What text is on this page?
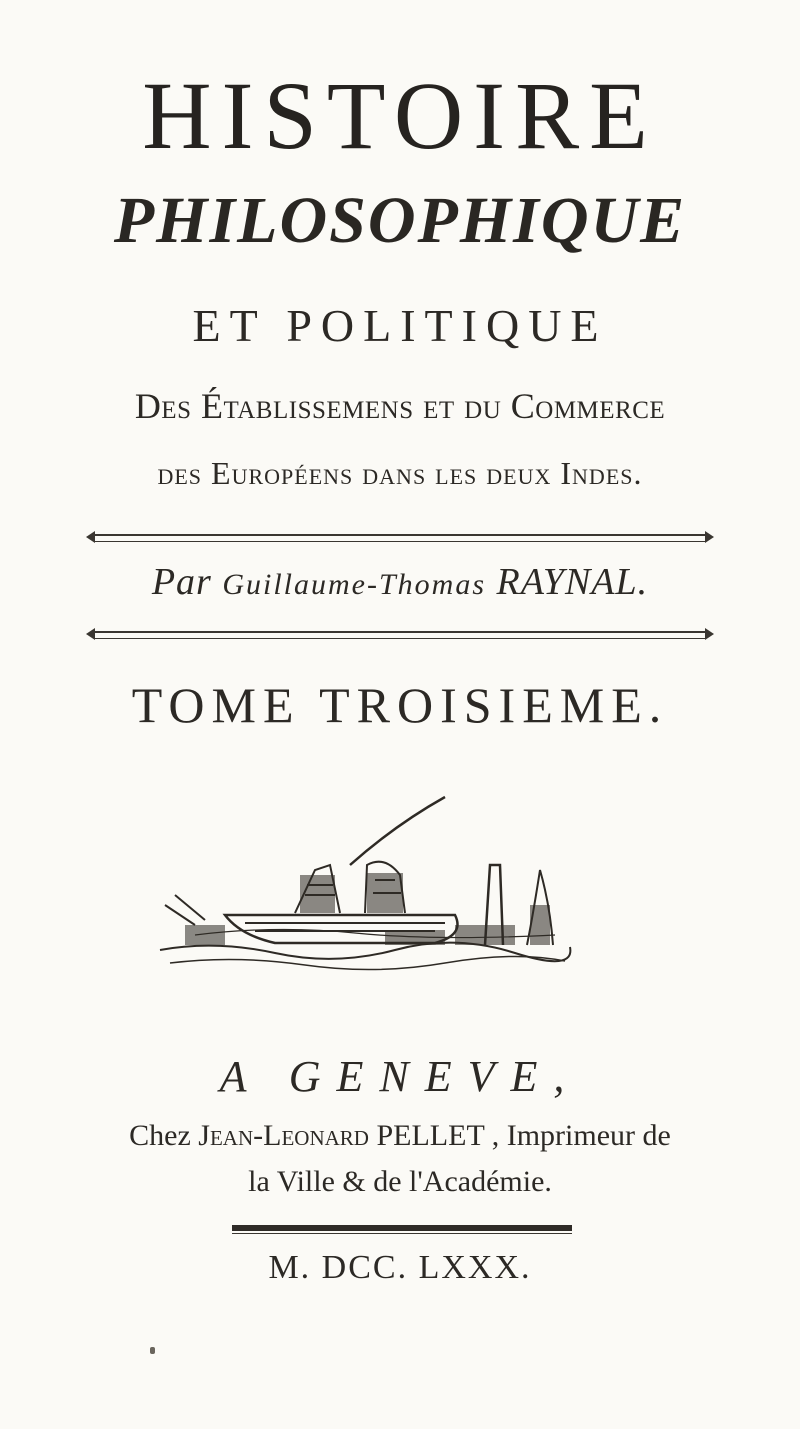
HISTOIRE
PHILOSOPHIQUE
ET POLITIQUE
Des Établissemens et du Commerce
des Européens dans les deux Indes.
Par Guillaume-Thomas RAYNAL.
TOME TROISIEME.
A GENEVE,
Chez Jean-Leonard PELLET , Imprimeur de
la Ville & de l'Académie.
M. DCC. LXXX.
